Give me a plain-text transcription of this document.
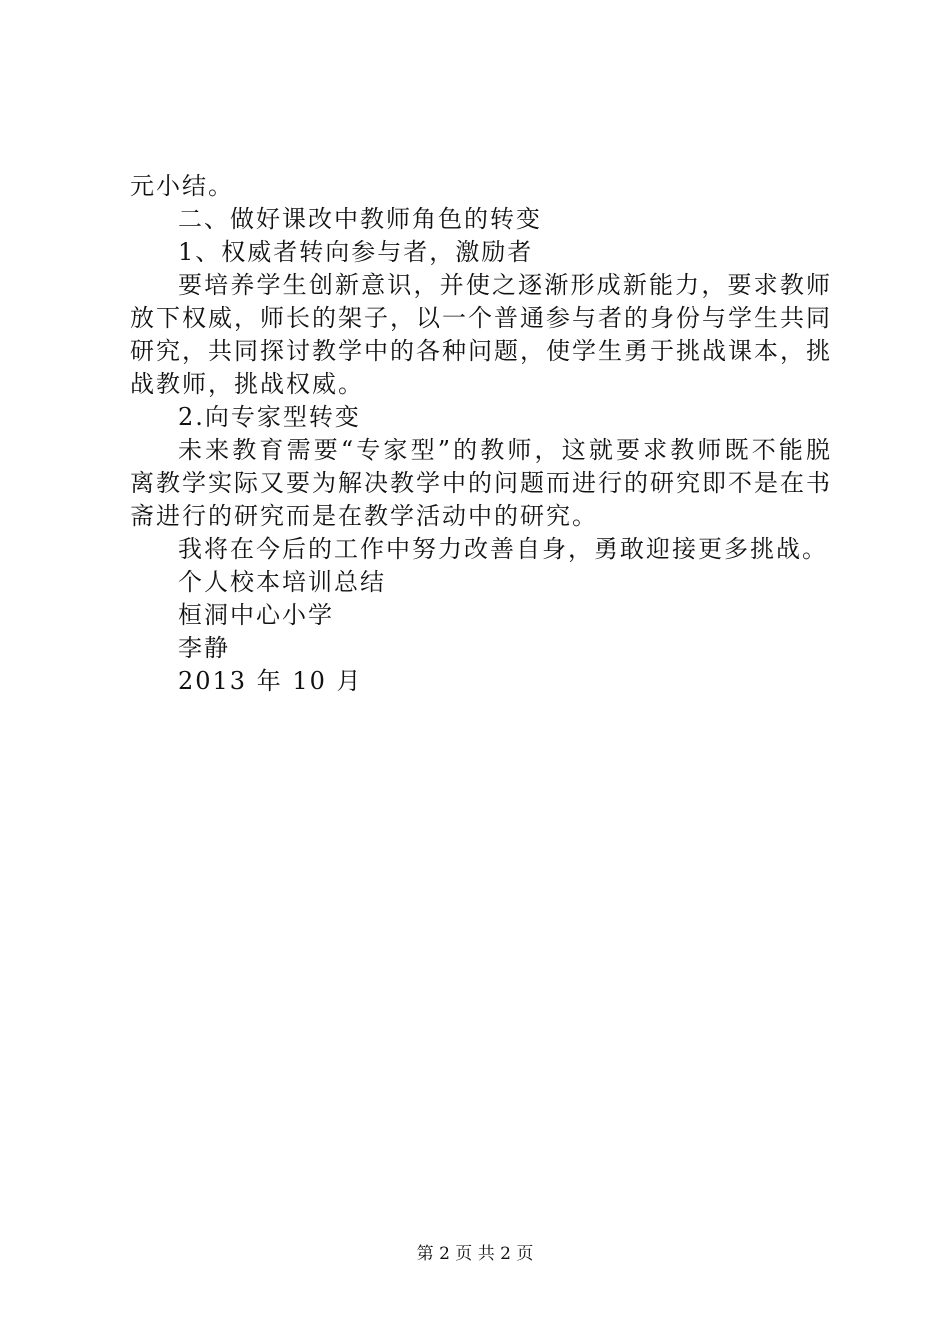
元小结。
二、做好课改中教师角色的转变
1、权威者转向参与者，激励者
要培养学生创新意识，并使之逐渐形成新能力，要求教师
放下权威，师长的架子，以一个普通参与者的身份与学生共同
研究，共同探讨教学中的各种问题，使学生勇于挑战课本，挑
战教师，挑战权威。
2.向专家型转变
未来教育需要“专家型”的教师，这就要求教师既不能脱
离教学实际又要为解决教学中的问题而进行的研究即不是在书
斋进行的研究而是在教学活动中的研究。
我将在今后的工作中努力改善自身，勇敢迎接更多挑战。
个人校本培训总结
桓洞中心小学
李静
2013 年 10 月
第 2 页 共 2 页
